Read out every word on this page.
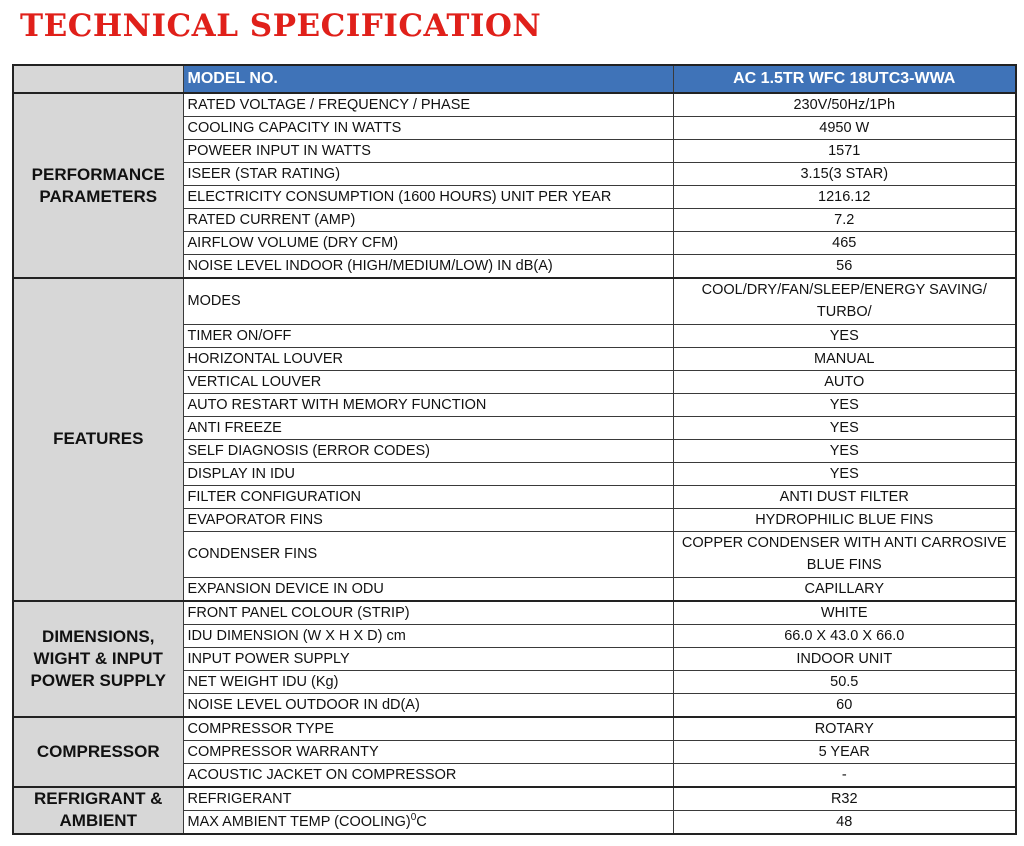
TECHNICAL SPECIFICATION
	MODEL NO.	AC 1.5TR WFC 18UTC3-WWA
PERFORMANCE PARAMETERS	RATED VOLTAGE / FREQUENCY / PHASE	230V/50Hz/1Ph
	COOLING CAPACITY IN WATTS	4950 W
	POWEER INPUT IN WATTS	1571
	ISEER (STAR RATING)	3.15(3 STAR)
	ELECTRICITY CONSUMPTION (1600 HOURS) UNIT PER YEAR	1216.12
	RATED CURRENT (AMP)	7.2
	AIRFLOW VOLUME (DRY CFM)	465
	NOISE LEVEL INDOOR (HIGH/MEDIUM/LOW) IN dB(A)	56
FEATURES	MODES	COOL/DRY/FAN/SLEEP/ENERGY SAVING/ TURBO/
	TIMER ON/OFF	YES
	HORIZONTAL LOUVER	MANUAL
	VERTICAL LOUVER	AUTO
	AUTO RESTART WITH MEMORY FUNCTION	YES
	ANTI FREEZE	YES
	SELF DIAGNOSIS (ERROR CODES)	YES
	DISPLAY IN IDU	YES
	FILTER CONFIGURATION	ANTI DUST FILTER
	EVAPORATOR FINS	HYDROPHILIC BLUE FINS
	CONDENSER FINS	COPPER CONDENSER WITH ANTI CARROSIVE BLUE FINS
	EXPANSION DEVICE IN ODU	CAPILLARY
DIMENSIONS, WIGHT & INPUT POWER SUPPLY	FRONT PANEL COLOUR (STRIP)	WHITE
	IDU DIMENSION (W X H X D) cm	66.0 X 43.0 X 66.0
	INPUT POWER SUPPLY	INDOOR UNIT
	NET WEIGHT IDU (Kg)	50.5
	NOISE LEVEL OUTDOOR IN dD(A)	60
COMPRESSOR	COMPRESSOR TYPE	ROTARY
	COMPRESSOR WARRANTY	5 YEAR
	ACOUSTIC JACKET ON COMPRESSOR	-
REFRIGRANT & AMBIENT	REFRIGERANT	R32
	MAX AMBIENT TEMP (COOLING)$^0$C	48
